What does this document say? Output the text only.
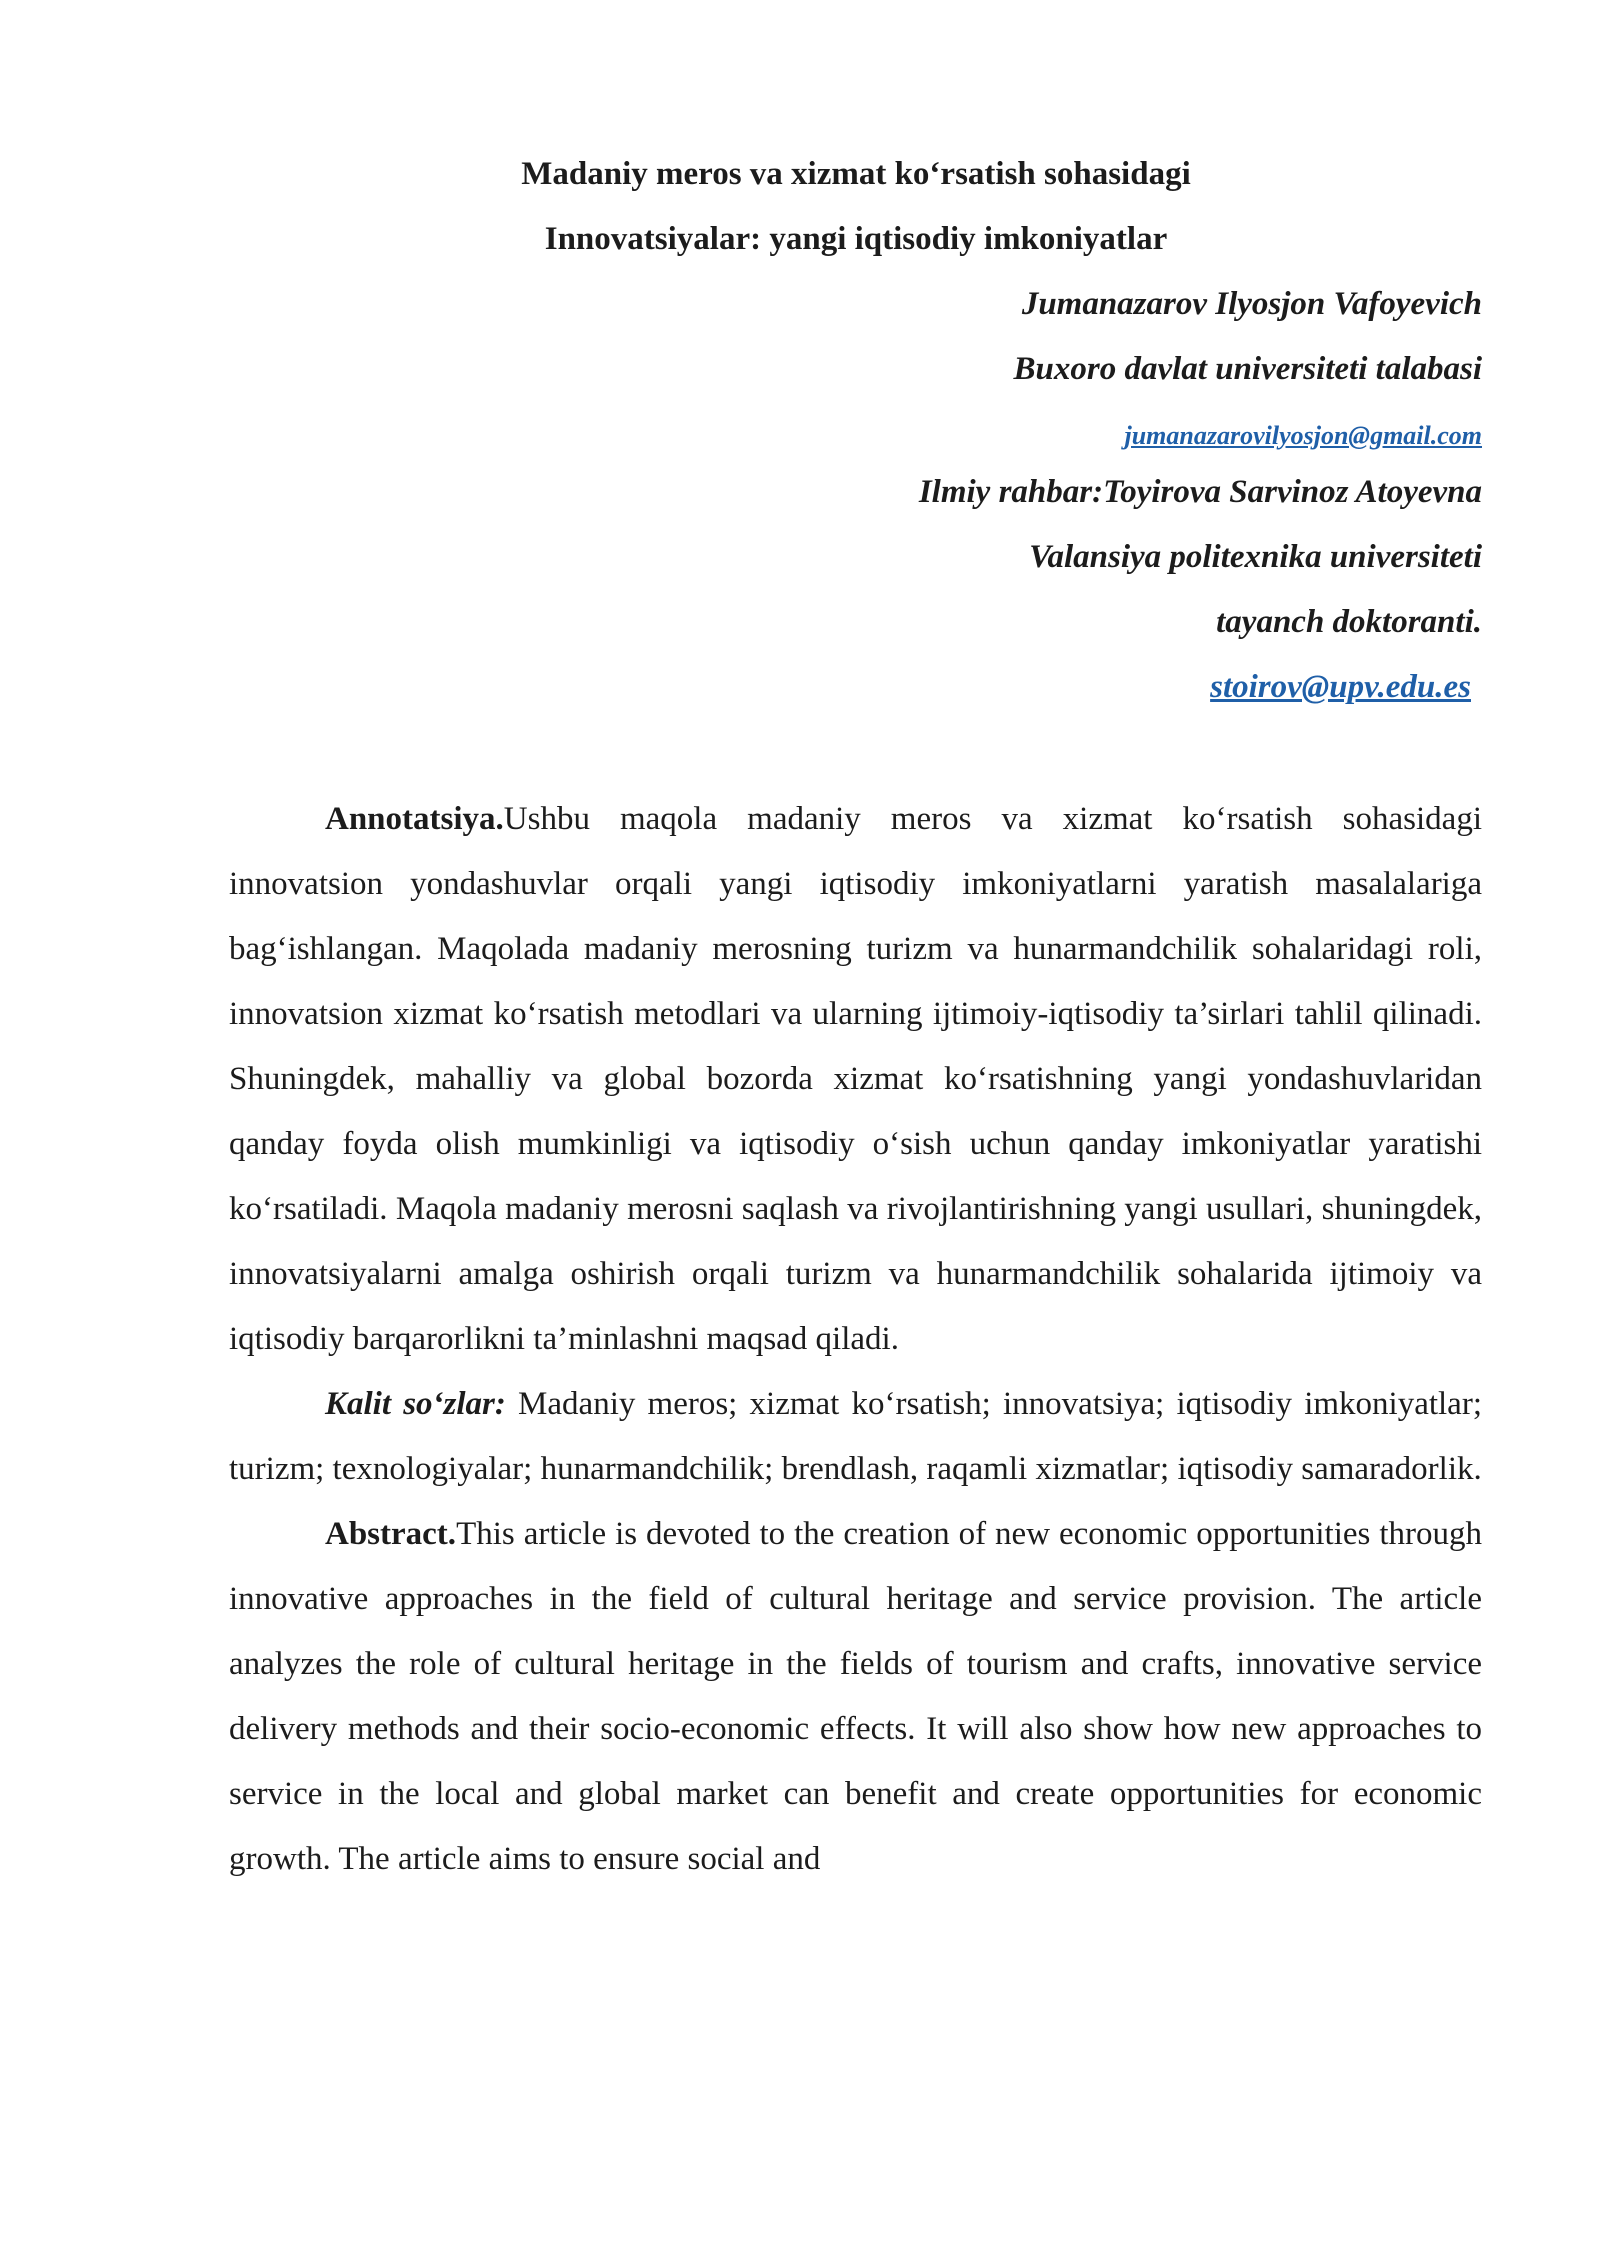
Madaniy meros va xizmat ko‘rsatish sohasidagi
Innovatsiyalar: yangi iqtisodiy imkoniyatlar
Jumanazarov Ilyosjon Vafoyevich
Buxoro davlat universiteti talabasi
jumanazarovilyosjon@gmail.com
Ilmiy rahbar:Toyirova Sarvinoz Atoyevna
Valansiya politexnika universiteti
tayanch doktoranti.
stoirov@upv.edu.es

Annotatsiya.Ushbu maqola madaniy meros va xizmat ko‘rsatish sohasidagi innovatsion yondashuvlar orqali yangi iqtisodiy imkoniyatlarni yaratish masalalariga bag‘ishlangan. Maqolada madaniy merosning turizm va hunarmandchilik sohalaridagi roli, innovatsion xizmat ko‘rsatish metodlari va ularning ijtimoiy-iqtisodiy ta’sirlari tahlil qilinadi. Shuningdek, mahalliy va global bozorda xizmat ko‘rsatishning yangi yondashuvlaridan qanday foyda olish mumkinligi va iqtisodiy o‘sish uchun qanday imkoniyatlar yaratishi ko‘rsatiladi. Maqola madaniy merosni saqlash va rivojlantirishning yangi usullari, shuningdek, innovatsiyalarni amalga oshirish orqali turizm va hunarmandchilik sohalarida ijtimoiy va iqtisodiy barqarorlikni ta’minlashni maqsad qiladi.

Kalit so‘zlar: Madaniy meros; xizmat ko‘rsatish; innovatsiya; iqtisodiy imkoniyatlar; turizm; texnologiyalar; hunarmandchilik; brendlash, raqamli xizmatlar; iqtisodiy samaradorlik.

Abstract.This article is devoted to the creation of new economic opportunities through innovative approaches in the field of cultural heritage and service provision. The article analyzes the role of cultural heritage in the fields of tourism and crafts, innovative service delivery methods and their socio-economic effects. It will also show how new approaches to service in the local and global market can benefit and create opportunities for economic growth. The article aims to ensure social and
